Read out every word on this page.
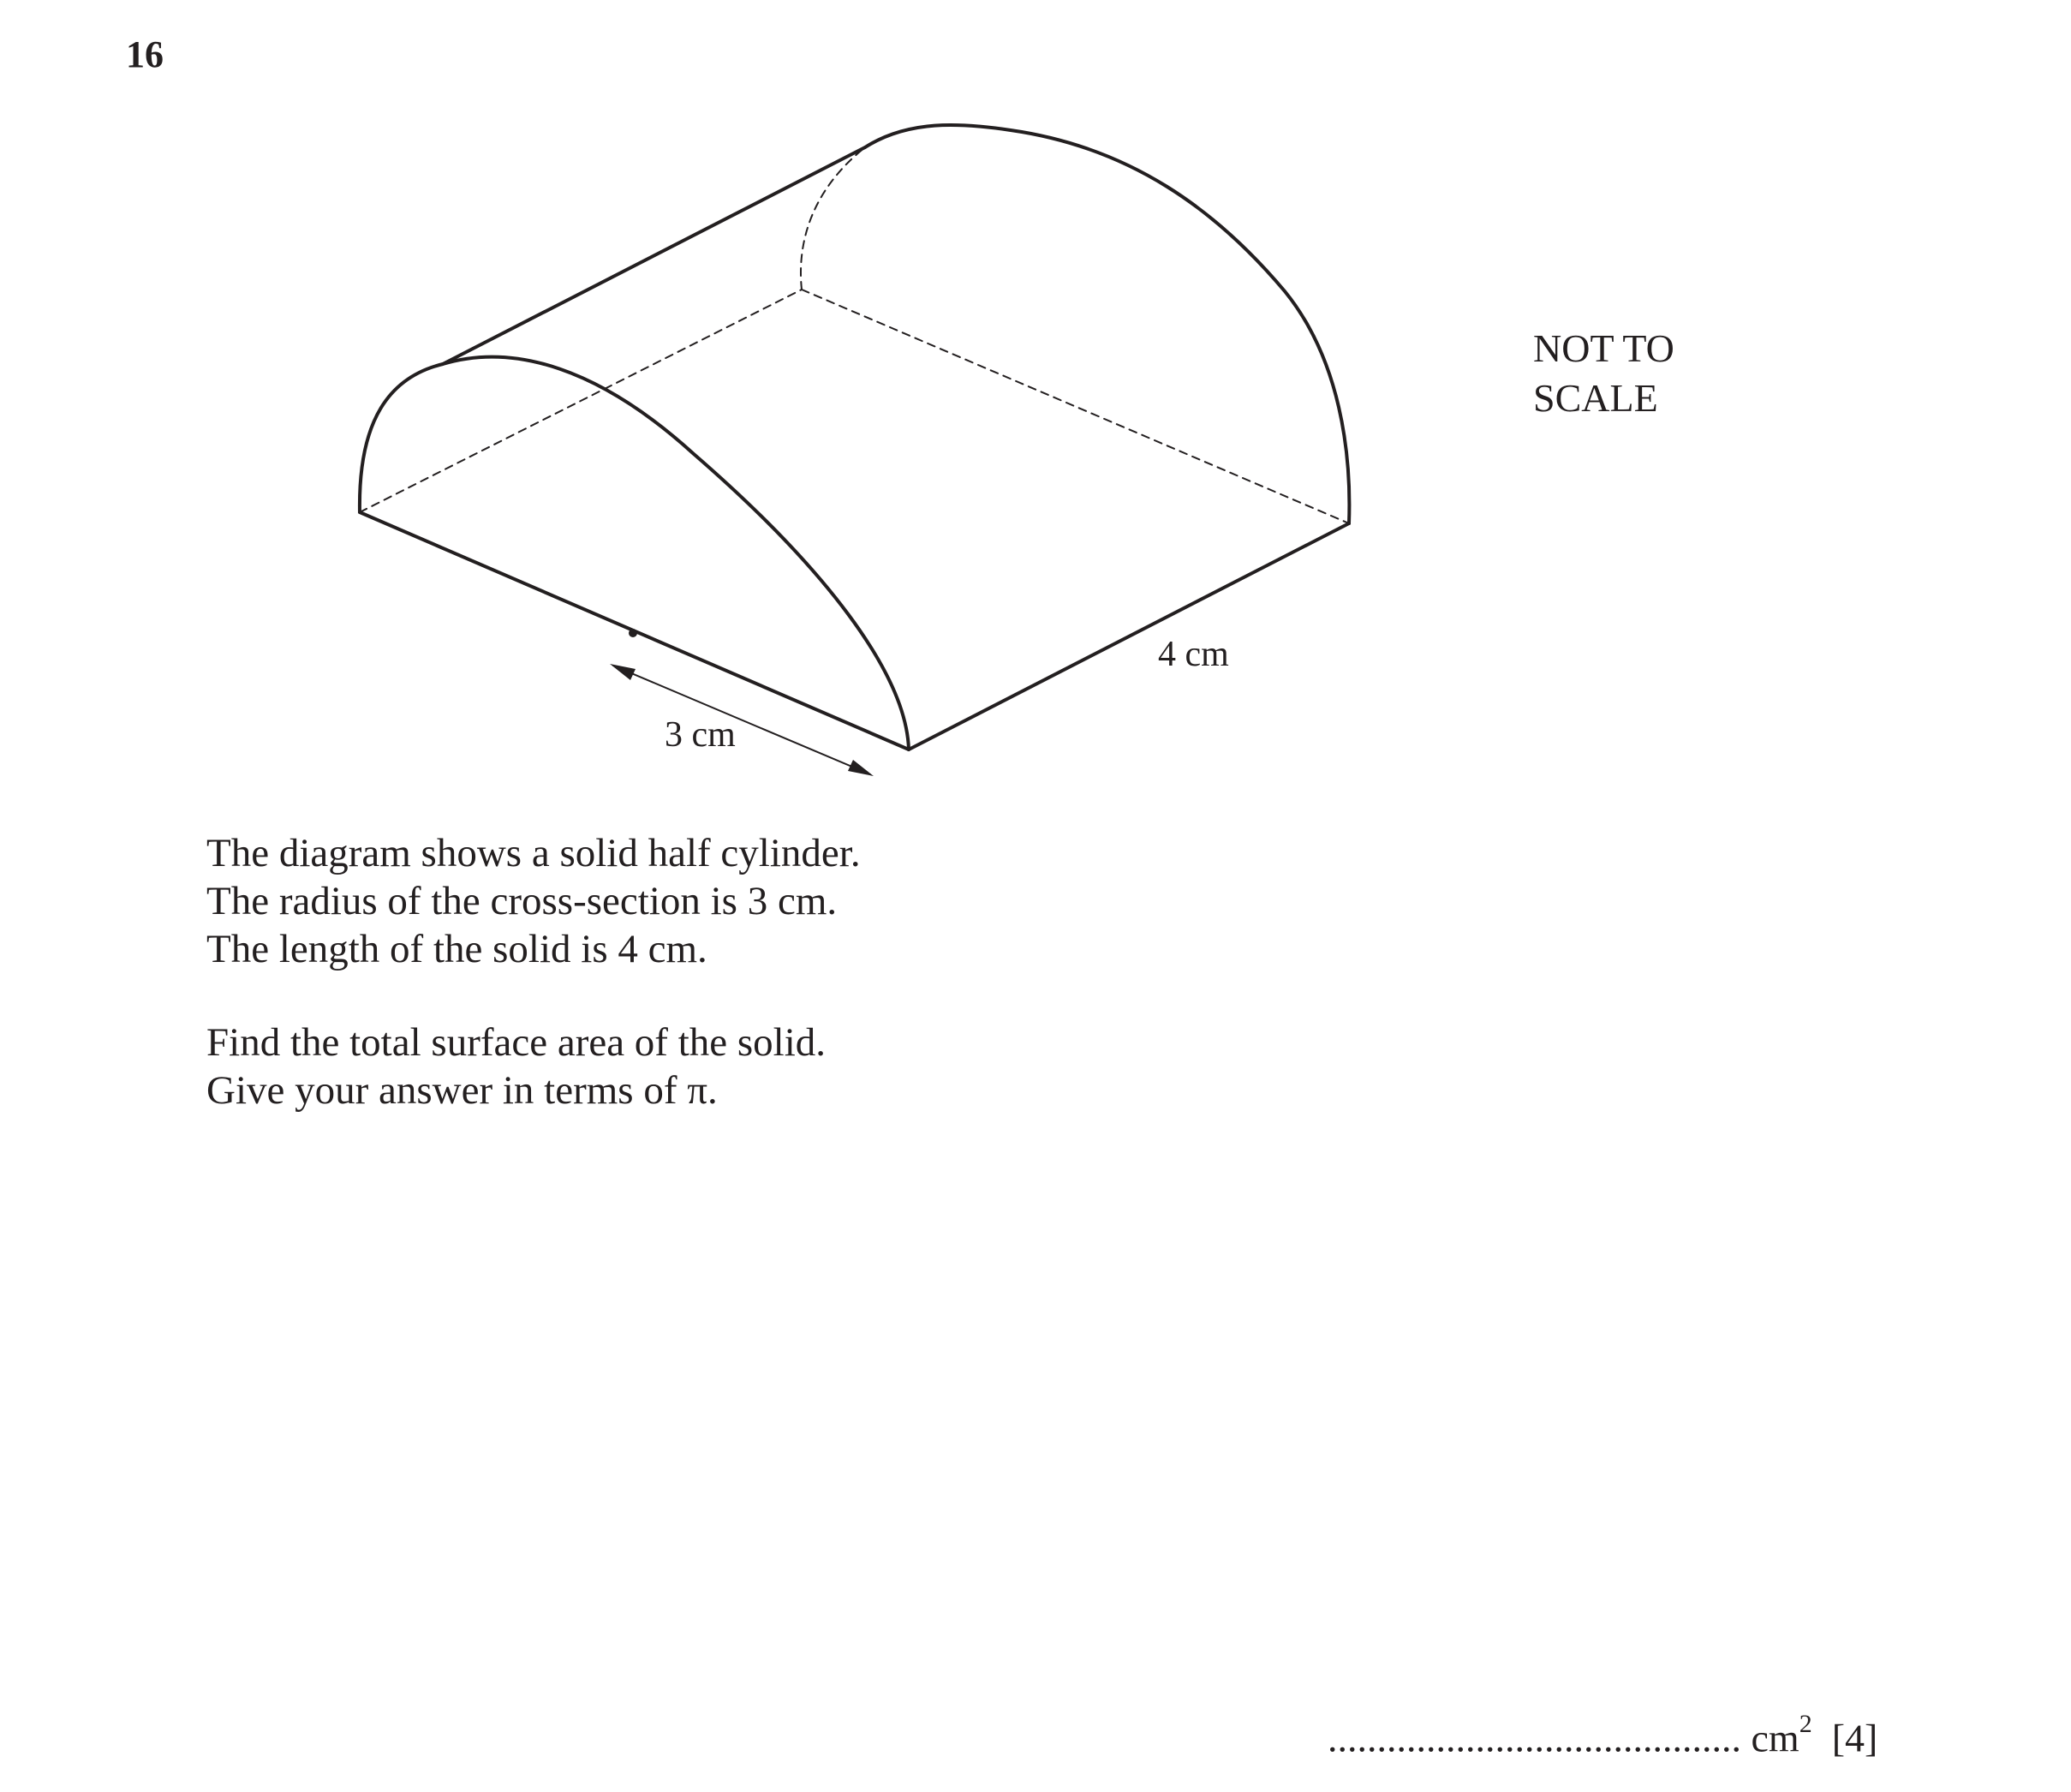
16
NOT TO
SCALE
3 cm
4 cm

The diagram shows a solid half cylinder.

The radius of the cross-section is 3 cm.

The length of the solid is 4 cm.

Find the total surface area of the solid.

Give your answer in terms of π.

.......................................... $cm^2$ [4]
